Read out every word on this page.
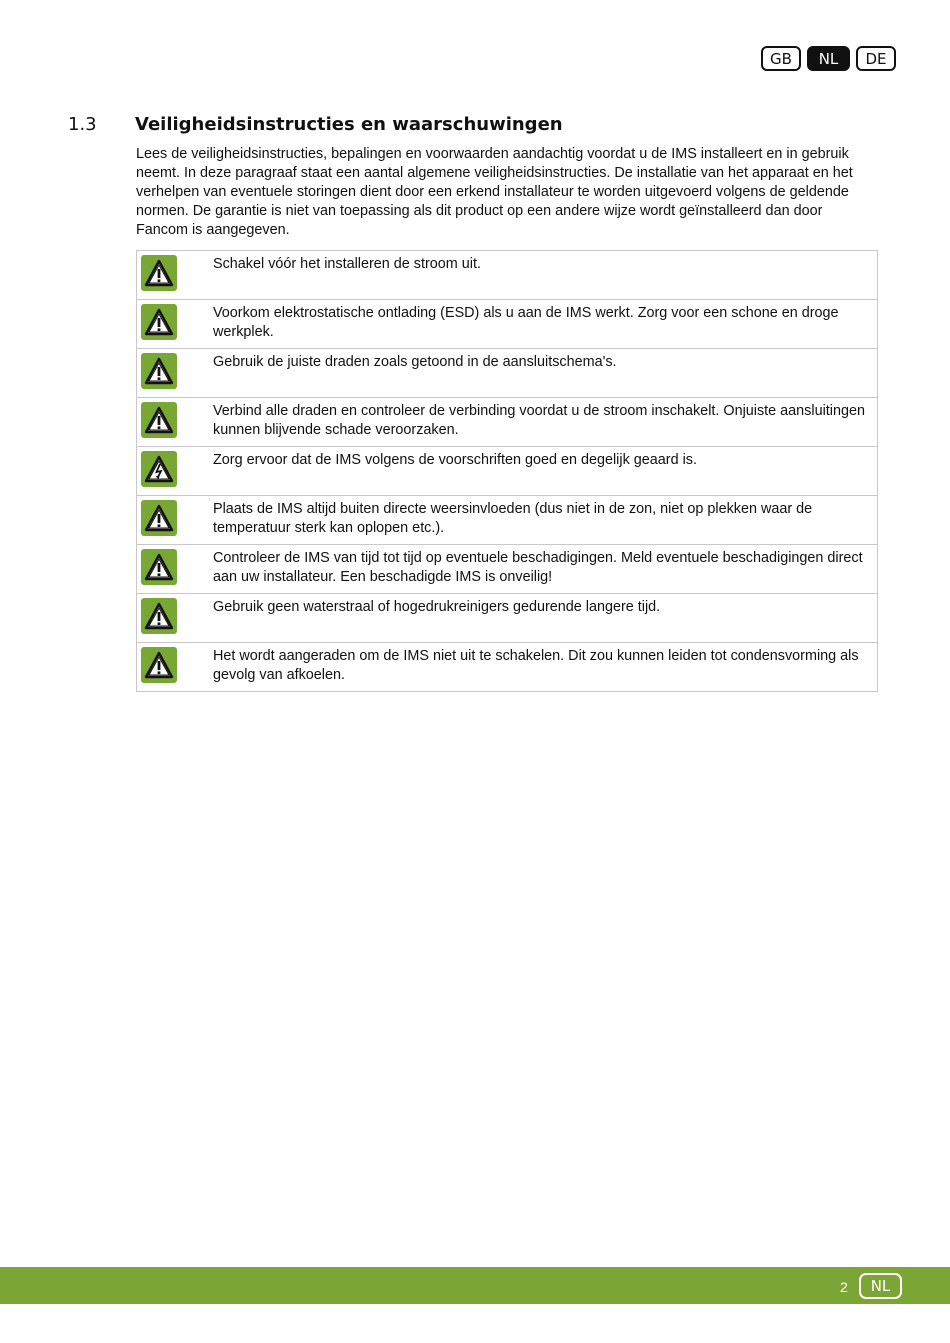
GB	NL	DE
1.3 Veiligheidsinstructies en waarschuwingen

Lees de veiligheidsinstructies, bepalingen en voorwaarden aandachtig voordat u de IMS installeert en in gebruik neemt. In deze paragraaf staat een aantal algemene veiligheidsinstructies. De installatie van het apparaat en het verhelpen van eventuele storingen dient door een erkend installateur te worden uitgevoerd volgens de geldende normen. De garantie is niet van toepassing als dit product op een andere wijze wordt geïnstalleerd dan door Fancom is aangegeven.

	Schakel vóór het installeren de stroom uit.

	Voorkom elektrostatische ontlading (ESD) als u aan de IMS werkt. Zorg voor een schone en droge werkplek.

	Gebruik de juiste draden zoals getoond in de aansluitschema's.

	Verbind alle draden en controleer de verbinding voordat u de stroom inschakelt. Onjuiste aansluitingen kunnen blijvende schade veroorzaken.

	Zorg ervoor dat de IMS volgens de voorschriften goed en degelijk geaard is.

	Plaats de IMS altijd buiten directe weersinvloeden (dus niet in de zon, niet op plekken waar de temperatuur sterk kan oplopen etc.).

	Controleer de IMS van tijd tot tijd op eventuele beschadigingen. Meld eventuele beschadigingen direct aan uw installateur. Een beschadigde IMS is onveilig!

	Gebruik geen waterstraal of hogedrukreinigers gedurende langere tijd.

	Het wordt aangeraden om de IMS niet uit te schakelen. Dit zou kunnen leiden tot condensvorming als gevolg van afkoelen.
2	NL
